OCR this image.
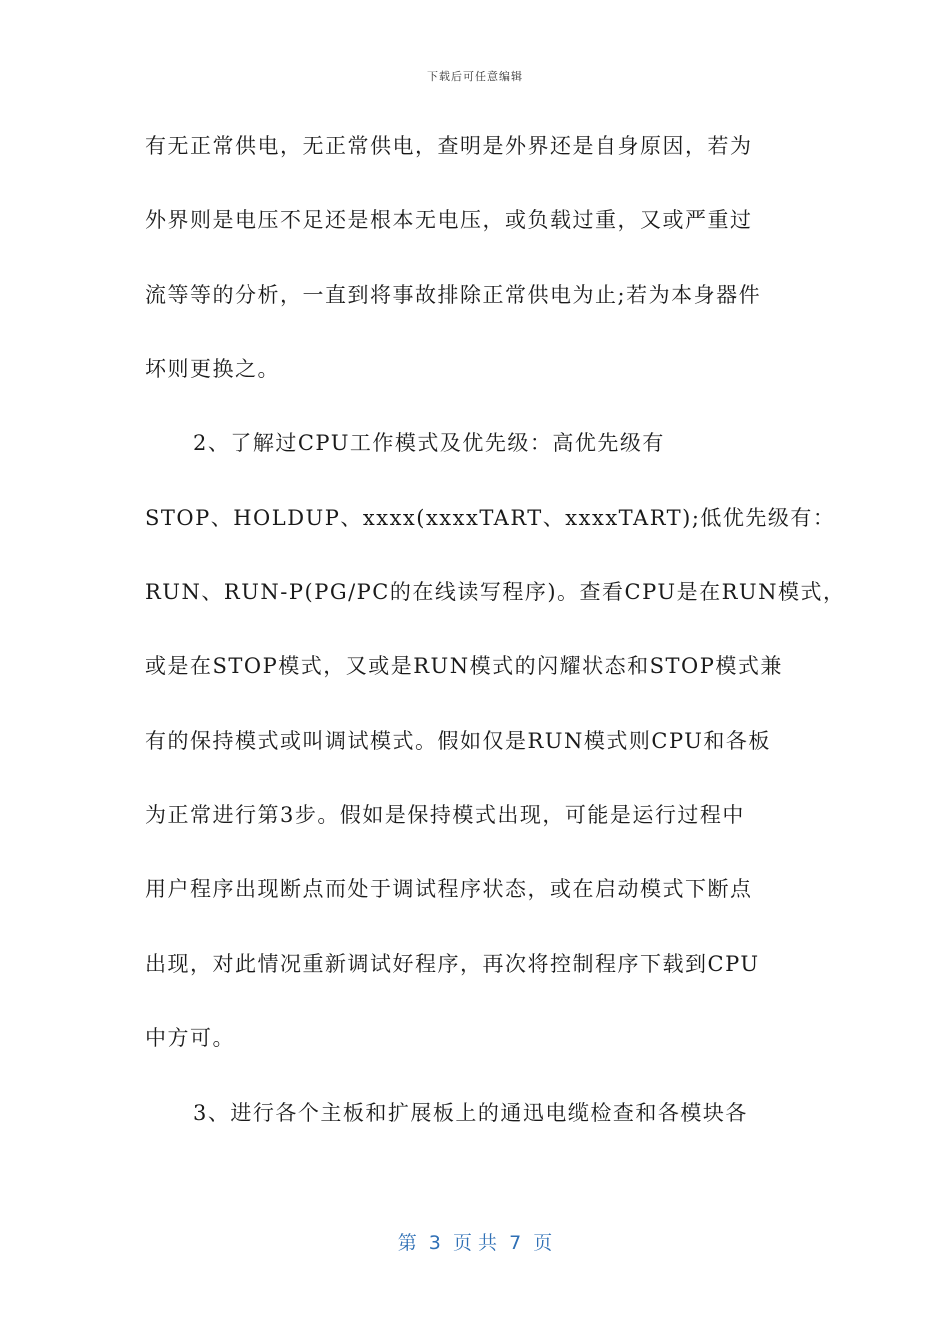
下载后可任意编辑
有无正常供电，无正常供电，查明是外界还是自身原因，若为
外界则是电压不足还是根本无电压，或负载过重，又或严重过
流等等的分析，一直到将事故排除正常供电为止;若为本身器件
坏则更换之。
2、了解过CPU工作模式及优先级：高优先级有
STOP、HOLDUP、xxxx(xxxxTART、xxxxTART);低优先级有：
RUN、RUN-P(PG/PC的在线读写程序)。查看CPU是在RUN模式，
或是在STOP模式，又或是RUN模式的闪耀状态和STOP模式兼
有的保持模式或叫调试模式。假如仅是RUN模式则CPU和各板
为正常进行第3步。假如是保持模式出现，可能是运行过程中
用户程序出现断点而处于调试程序状态，或在启动模式下断点
出现，对此情况重新调试好程序，再次将控制程序下载到CPU
中方可。
3、进行各个主板和扩展板上的通迅电缆检查和各模块各
第  3  页 共  7  页
